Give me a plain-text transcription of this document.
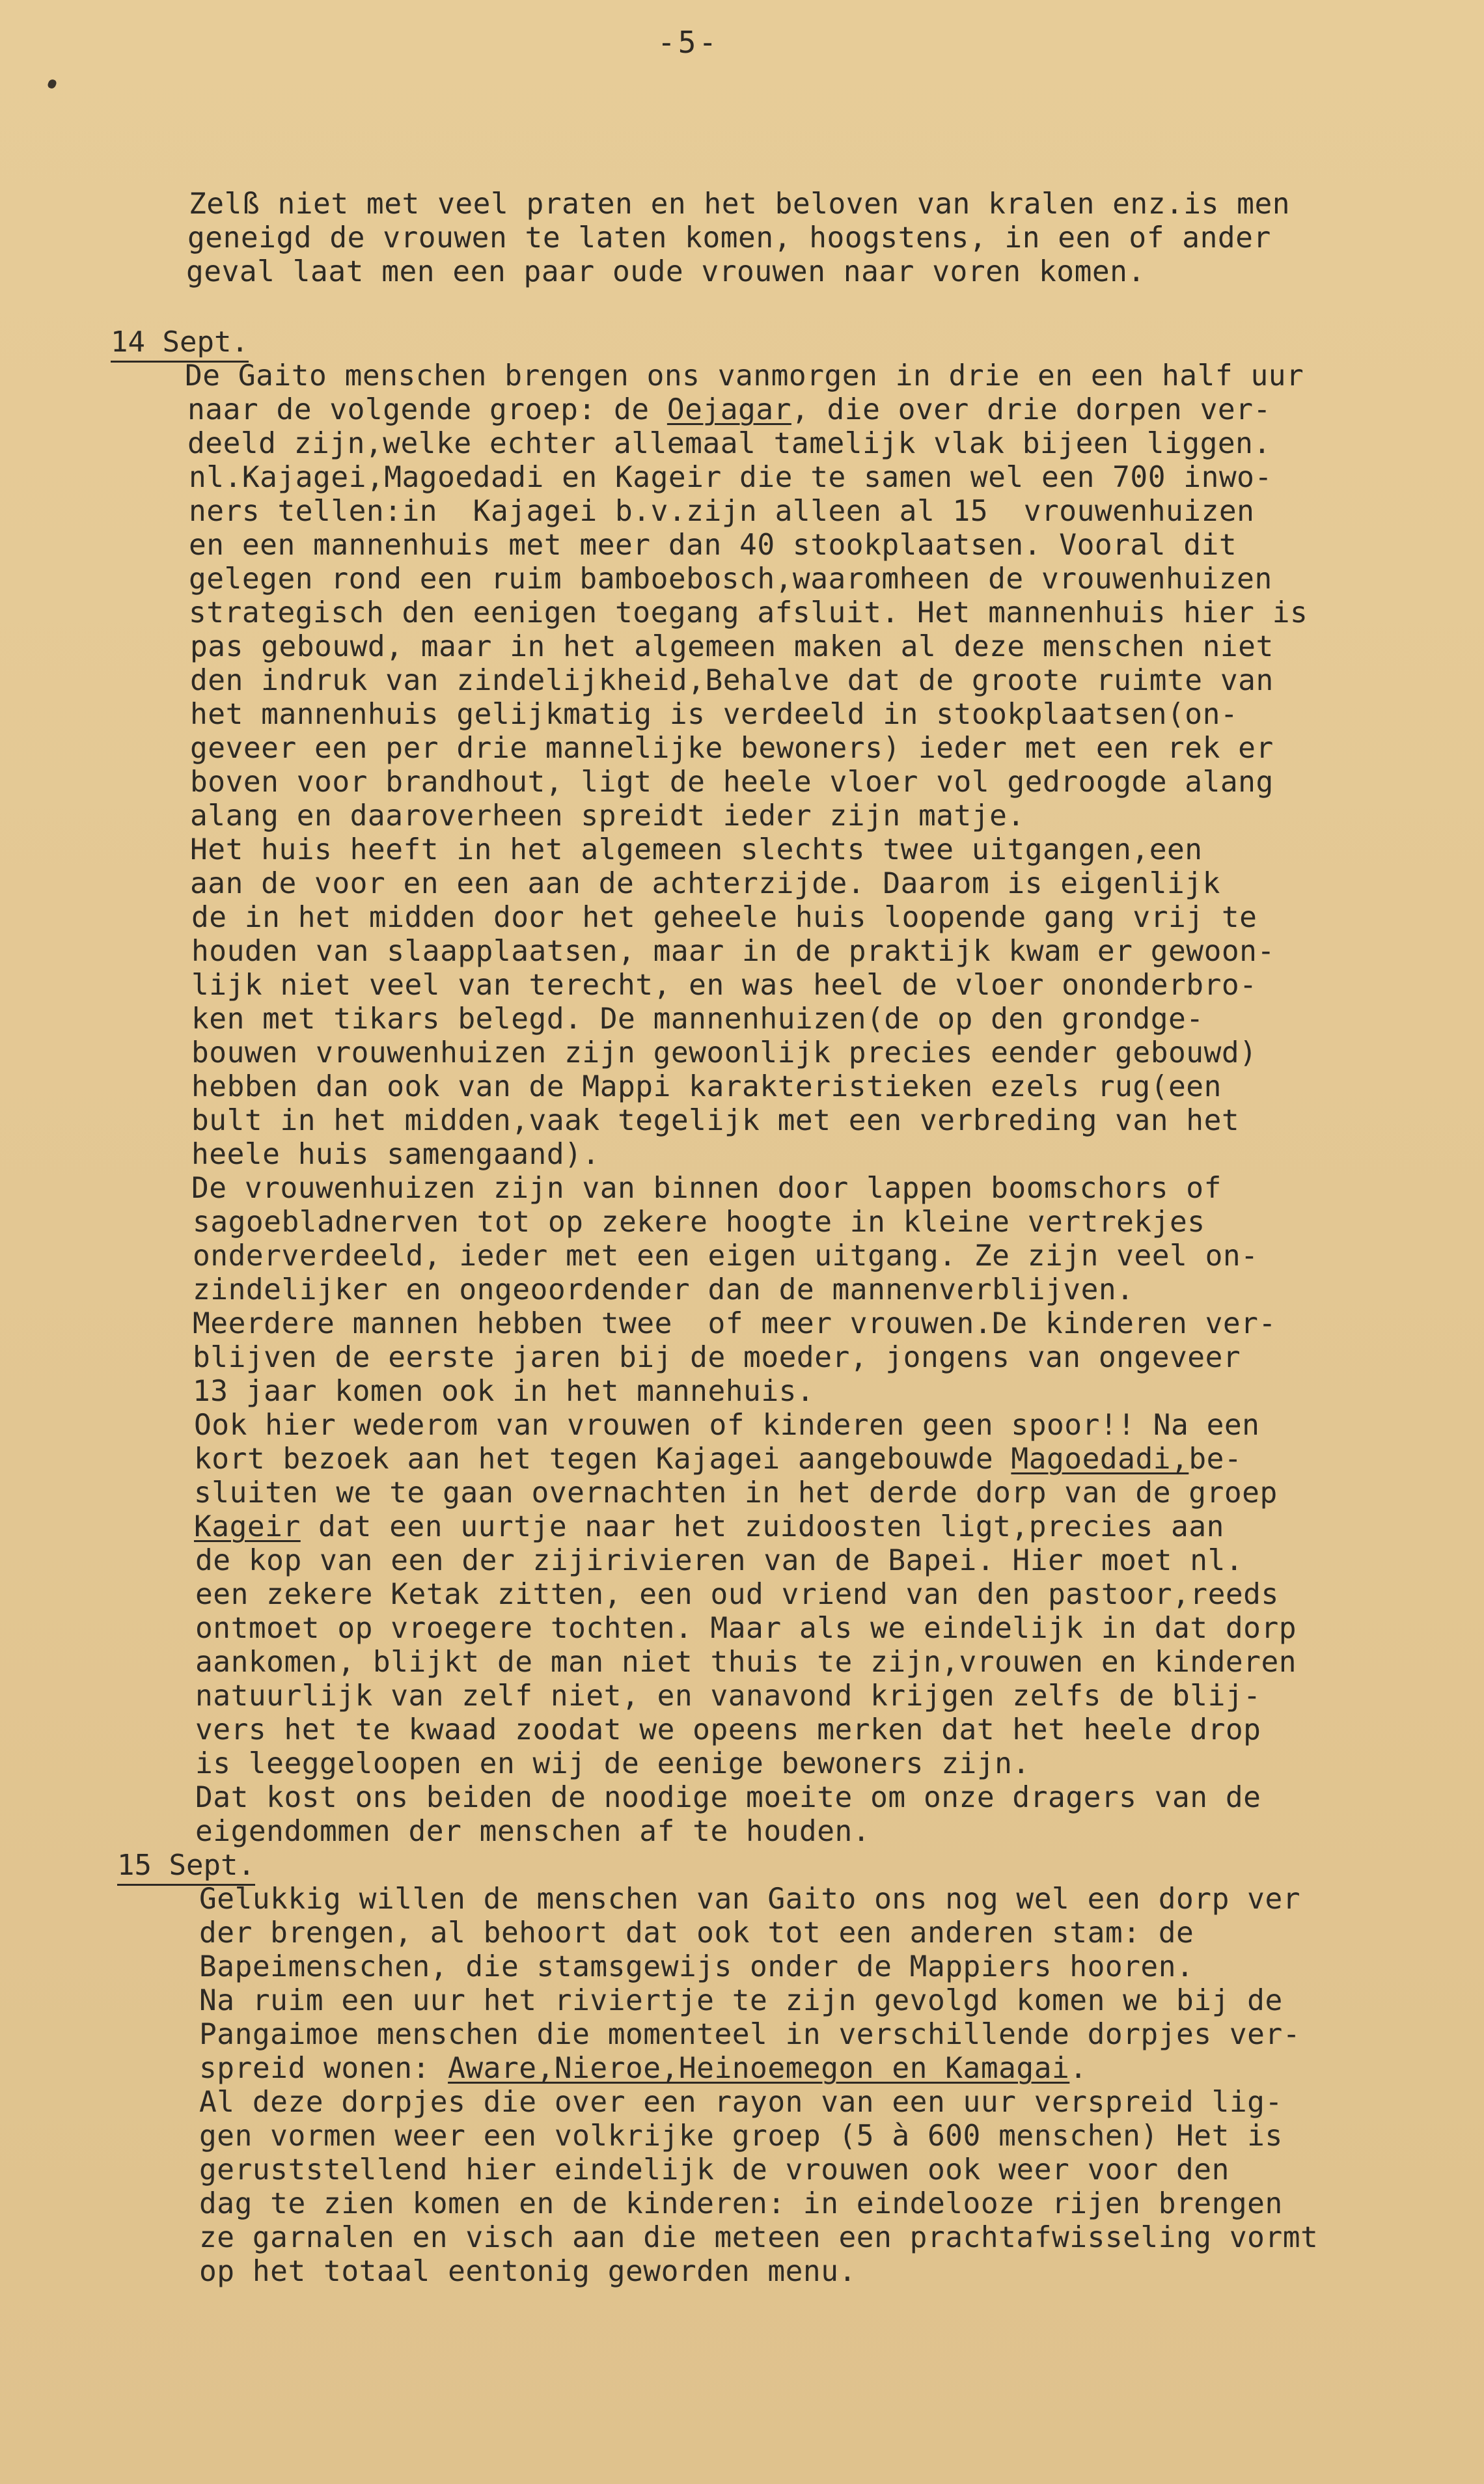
-5-
Zelß niet met veel praten en het beloven van kralen enz.is men
geneigd de vrouwen te laten komen, hoogstens, in een of ander
geval laat men een paar oude vrouwen naar voren komen.
14 Sept.
De Gaito menschen brengen ons vanmorgen in drie en een half uur
naar de volgende groep: de Oejagar, die over drie dorpen ver-
deeld zijn,welke echter allemaal tamelijk vlak bijeen liggen.
nl.Kajagei,Magoedadi en Kageir die te samen wel een 700 inwo-
ners tellen:in  Kajagei b.v.zijn alleen al 15  vrouwenhuizen
en een mannenhuis met meer dan 40 stookplaatsen. Vooral dit
gelegen rond een ruim bamboebosch,waaromheen de vrouwenhuizen
strategisch den eenigen toegang afsluit. Het mannenhuis hier is
pas gebouwd, maar in het algemeen maken al deze menschen niet
den indruk van zindelijkheid,Behalve dat de groote ruimte van
het mannenhuis gelijkmatig is verdeeld in stookplaatsen(on-
geveer een per drie mannelijke bewoners) ieder met een rek er
boven voor brandhout, ligt de heele vloer vol gedroogde alang
alang en daaroverheen spreidt ieder zijn matje.
Het huis heeft in het algemeen slechts twee uitgangen,een
aan de voor en een aan de achterzijde. Daarom is eigenlijk
de in het midden door het geheele huis loopende gang vrij te
houden van slaapplaatsen, maar in de praktijk kwam er gewoon-
lijk niet veel van terecht, en was heel de vloer ononderbro-
ken met tikars belegd. De mannenhuizen(de op den grondge-
bouwen vrouwenhuizen zijn gewoonlijk precies eender gebouwd)
hebben dan ook van de Mappi karakteristieken ezels rug(een
bult in het midden,vaak tegelijk met een verbreding van het
heele huis samengaand).
De vrouwenhuizen zijn van binnen door lappen boomschors of
sagoebladnerven tot op zekere hoogte in kleine vertrekjes
onderverdeeld, ieder met een eigen uitgang. Ze zijn veel on-
zindelijker en ongeoordender dan de mannenverblijven.
Meerdere mannen hebben twee  of meer vrouwen.De kinderen ver-
blijven de eerste jaren bij de moeder, jongens van ongeveer
13 jaar komen ook in het mannehuis.
Ook hier wederom van vrouwen of kinderen geen spoor!! Na een
kort bezoek aan het tegen Kajagei aangebouwde Magoedadi,be-
sluiten we te gaan overnachten in het derde dorp van de groep
Kageir dat een uurtje naar het zuidoosten ligt,precies aan
de kop van een der zijirivieren van de Bapei. Hier moet nl.
een zekere Ketak zitten, een oud vriend van den pastoor,reeds
ontmoet op vroegere tochten. Maar als we eindelijk in dat dorp
aankomen, blijkt de man niet thuis te zijn,vrouwen en kinderen
natuurlijk van zelf niet, en vanavond krijgen zelfs de blij-
vers het te kwaad zoodat we opeens merken dat het heele drop
is leeggeloopen en wij de eenige bewoners zijn.
Dat kost ons beiden de noodige moeite om onze dragers van de
eigendommen der menschen af te houden.
15 Sept.
Gelukkig willen de menschen van Gaito ons nog wel een dorp ver
der brengen, al behoort dat ook tot een anderen stam: de
Bapeimenschen, die stamsgewijs onder de Mappiers hooren.
Na ruim een uur het riviertje te zijn gevolgd komen we bij de
Pangaimoe menschen die momenteel in verschillende dorpjes ver-
spreid wonen: Aware,Nieroe,Heinoemegon en Kamagai.
Al deze dorpjes die over een rayon van een uur verspreid lig-
gen vormen weer een volkrijke groep (5 à 600 menschen) Het is
geruststellend hier eindelijk de vrouwen ook weer voor den
dag te zien komen en de kinderen: in eindelooze rijen brengen
ze garnalen en visch aan die meteen een prachtafwisseling vormt
op het totaal eentonig geworden menu.
